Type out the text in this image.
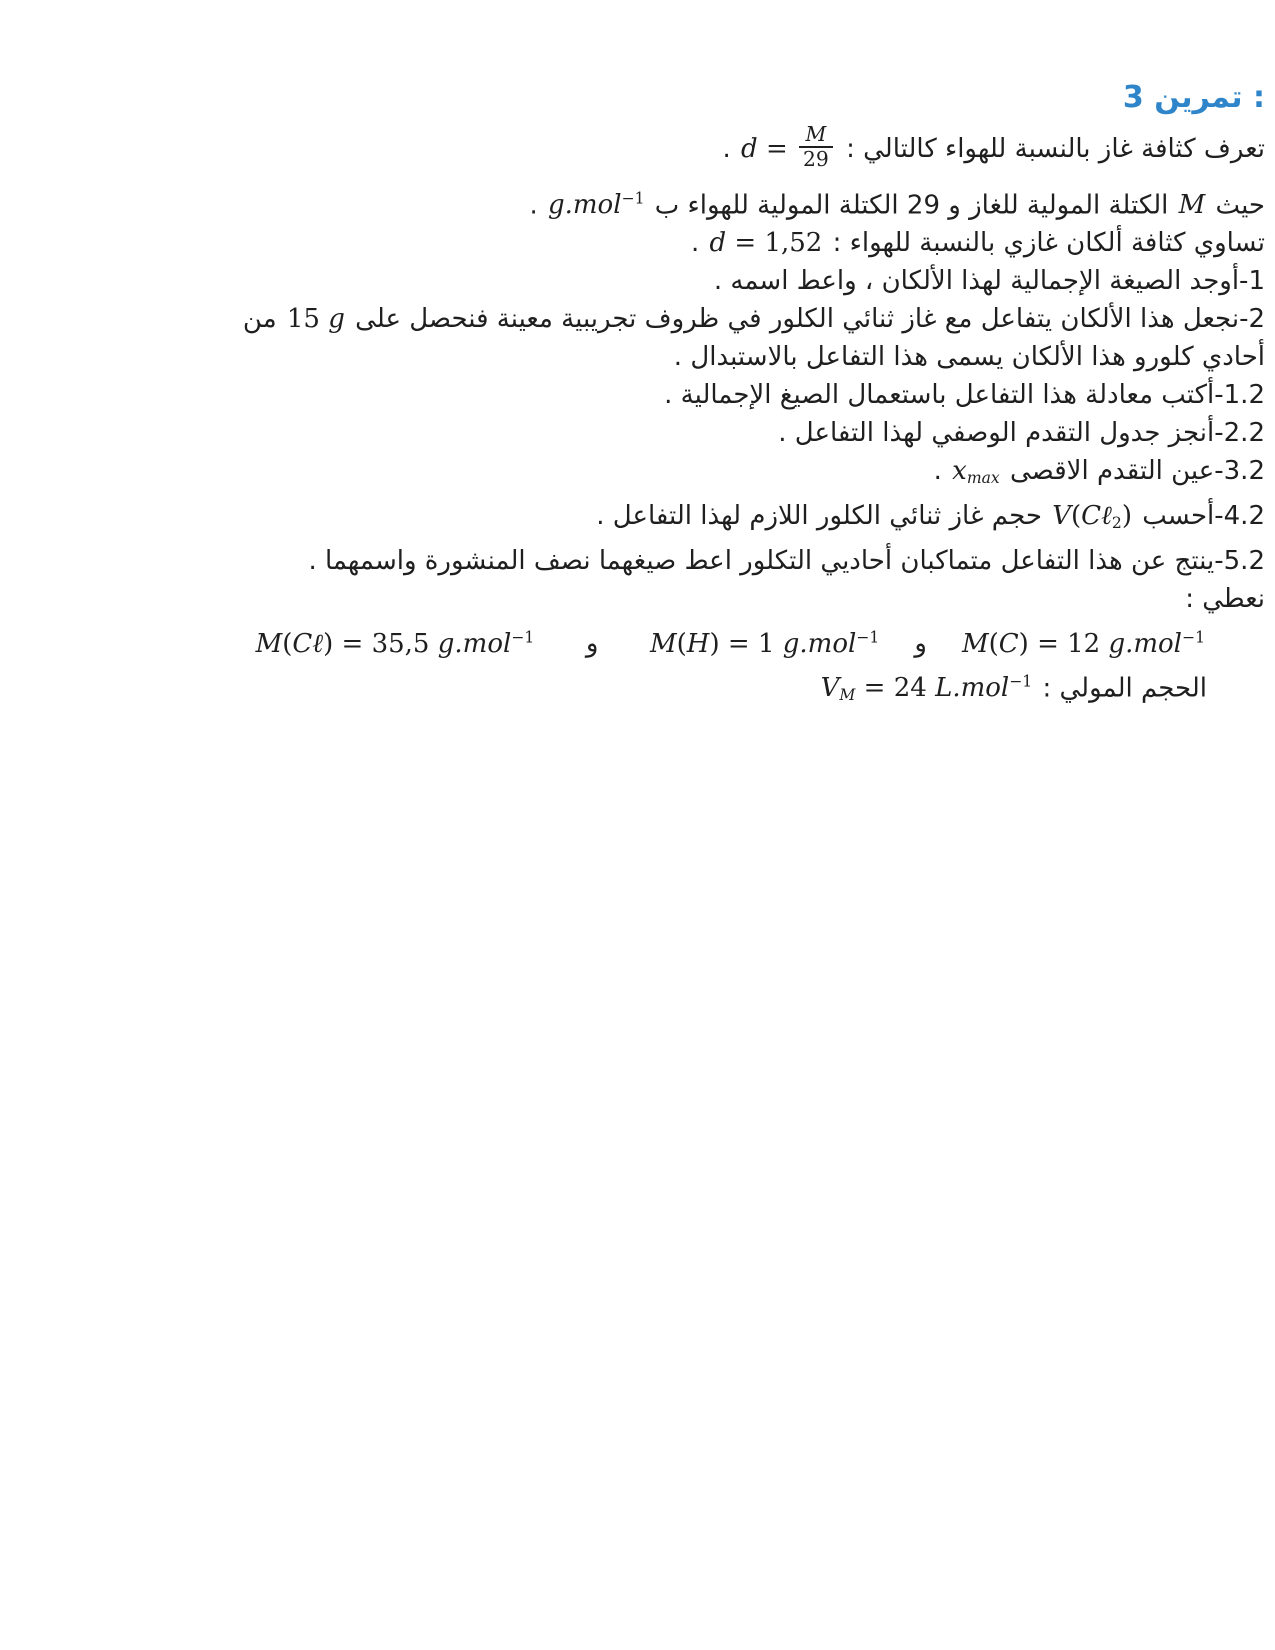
تمرين 3 :
تعرف كثافة غاز بالنسبة للهواء كالتالي : $d = \frac{M}{29}$
.
حيث M الكتلة المولية للغاز و 29 الكتلة المولية للهواء ب g.mol$^{-1}$ .
تساوي كثافة ألكان غازي بالنسبة للهواء : d = 1,52 .
1-أوجد الصيغة الإجمالية لهذا الألكان ، واعط اسمه .
2-نجعل هذا الألكان يتفاعل مع غاز ثنائي الكلور في ظروف تجريبية معينة فنحصل على 15 g من
أحادي كلورو هذا الألكان يسمى هذا التفاعل بالاستبدال .
1.2-أكتب معادلة هذا التفاعل باستعمال الصيغ الإجمالية .
2.2-أنجز جدول التقدم الوصفي لهذا التفاعل .
3.2-عين التقدم الاقصى $x_{max}$ .
4.2-أحسب V(Cℓ$_2$) حجم غاز ثنائي الكلور اللازم لهذا التفاعل .
5.2-ينتج عن هذا التفاعل متماكبان أحاديي التكلور اعط صيغهما نصف المنشورة واسمهما .
نعطي :
M(C) = 12 g.mol$^{-1}$    و    M(H) = 1 g.mol$^{-1}$      و      M(Cℓ) = 35,5 g.mol$^{-1}$
الحجم المولي : $V_M = 24$ L.mol$^{-1}$
